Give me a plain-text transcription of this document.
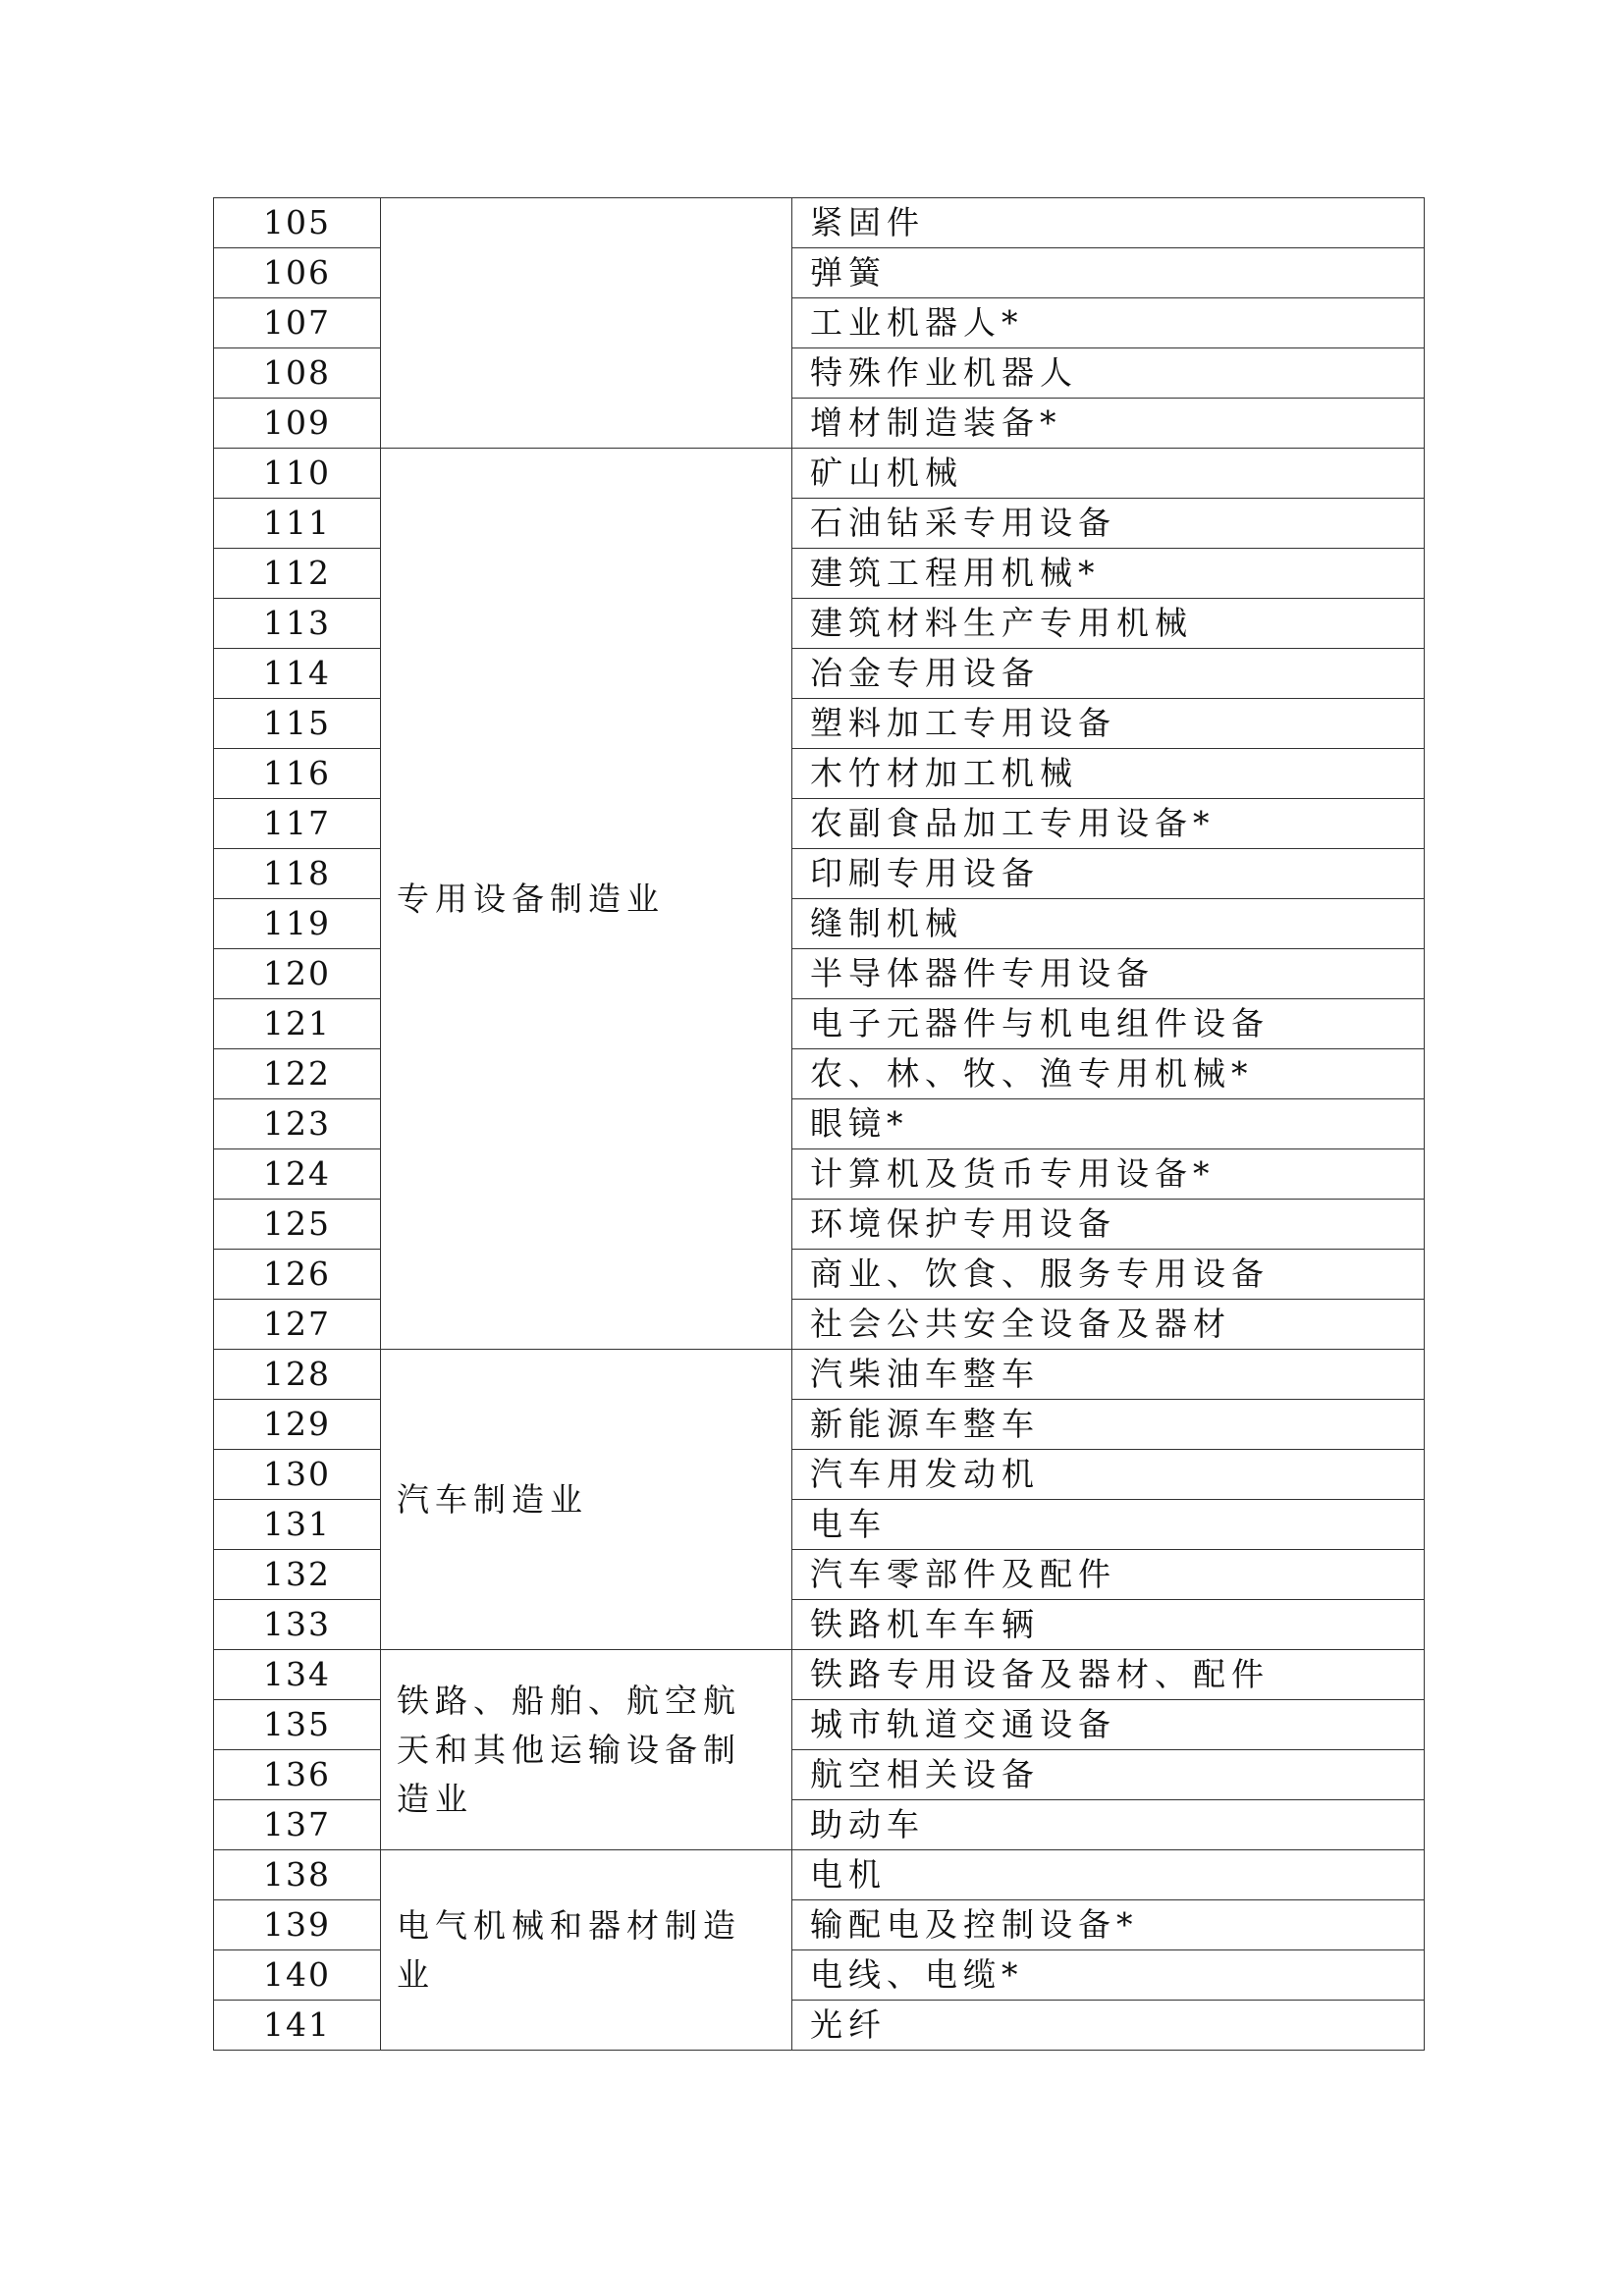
105		紧固件
106		弹簧
107		工业机器人*
108		特殊作业机器人
109		增材制造装备*
110	专用设备制造业	矿山机械
111		石油钻采专用设备
112		建筑工程用机械*
113		建筑材料生产专用机械
114		冶金专用设备
115		塑料加工专用设备
116		木竹材加工机械
117		农副食品加工专用设备*
118		印刷专用设备
119		缝制机械
120		半导体器件专用设备
121		电子元器件与机电组件设备
122		农、林、牧、渔专用机械*
123		眼镜*
124		计算机及货币专用设备*
125		环境保护专用设备
126		商业、饮食、服务专用设备
127		社会公共安全设备及器材
128	汽车制造业	汽柴油车整车
129		新能源车整车
130		汽车用发动机
131		电车
132		汽车零部件及配件
133		铁路机车车辆
134	铁路、船舶、航空航天和其他运输设备制造业	铁路专用设备及器材、配件
135		城市轨道交通设备
136		航空相关设备
137		助动车
138	电气机械和器材制造业	电机
139		输配电及控制设备*
140		电线、电缆*
141		光纤
